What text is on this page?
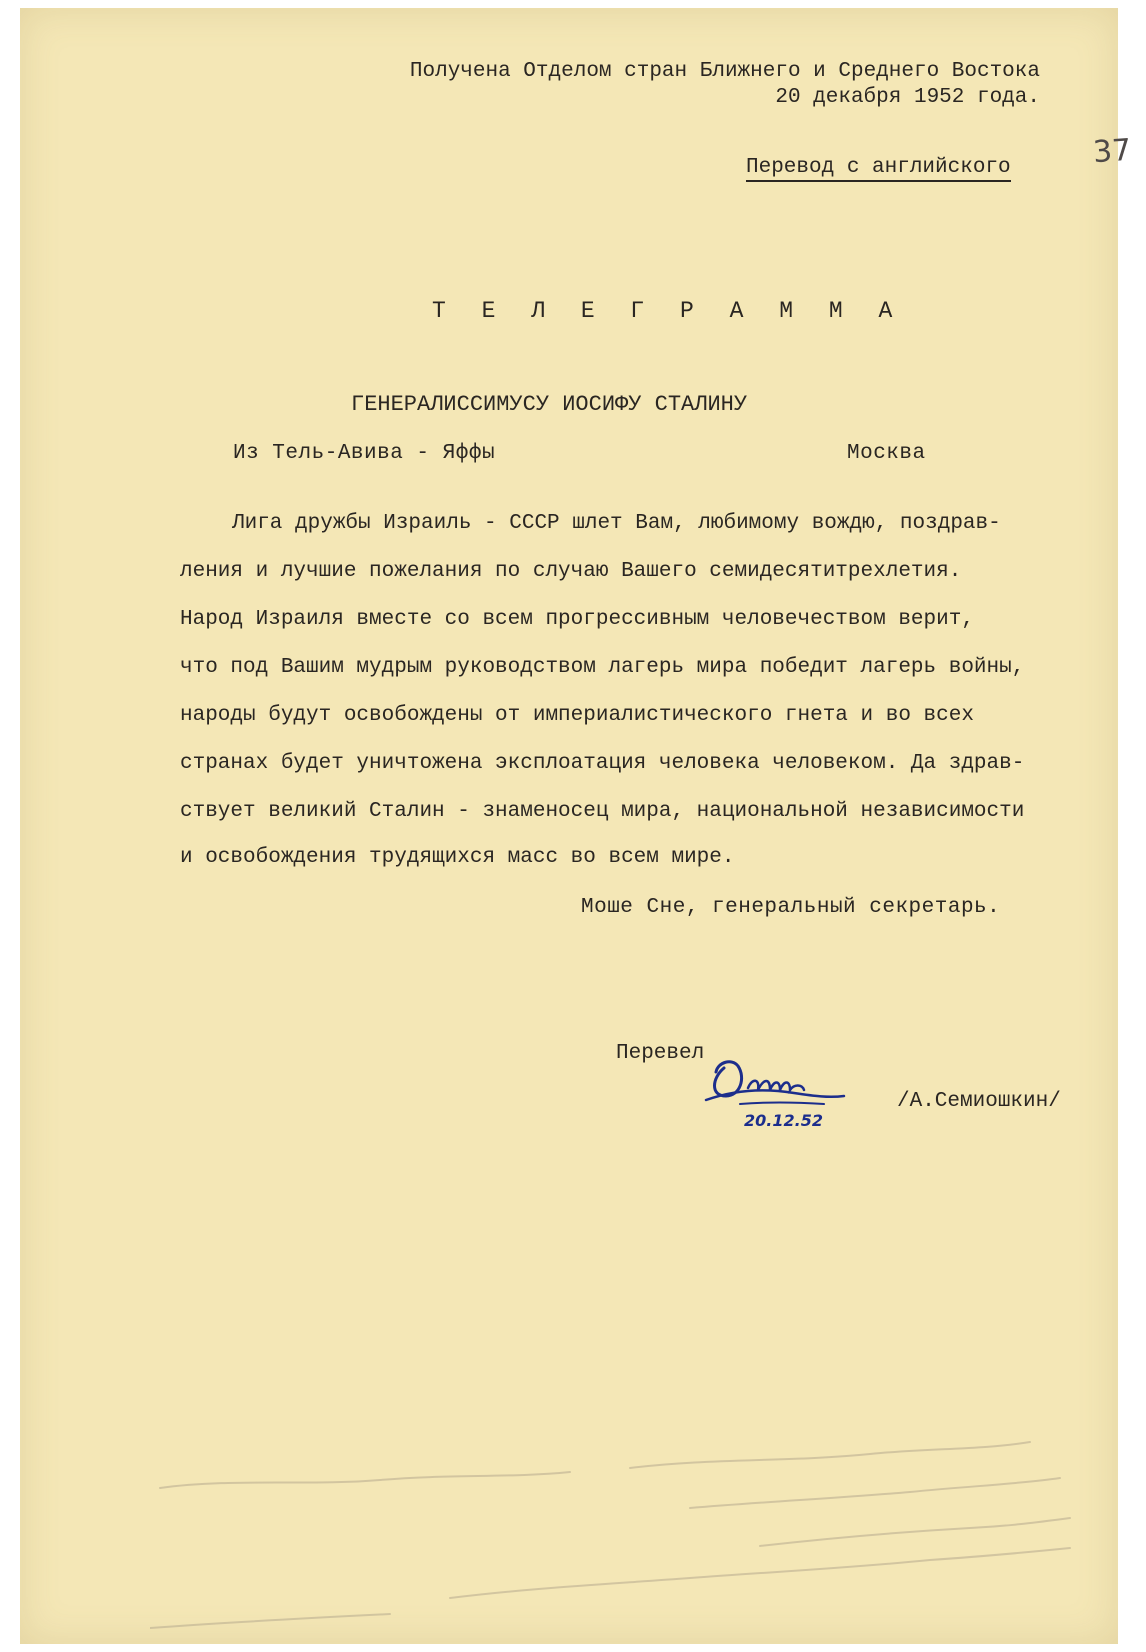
Получена Отделом стран Ближнего и Среднего Востока
20 декабря 1952 года.
37
Перевод с английского
Т Е Л Е Г Р А М М А
ГЕНЕРАЛИССИМУСУ ИОСИФУ СТАЛИНУ
Из Тель-Авива - Яффы	Москва
Лига дружбы Израиль - СССР шлет Вам, любимому вождю, поздрав-
ления и лучшие пожелания по случаю Вашего семидесятитрехлетия.
Народ Израиля вместе со всем прогрессивным человечеством верит,
что под Вашим мудрым руководством лагерь мира победит лагерь войны,
народы будут освобождены от империалистического гнета и во всех
странах будет уничтожена эксплоатация человека человеком. Да здрав-
ствует великий Сталин - знаменосец мира, национальной независимости
и освобождения трудящихся масс во всем мире.
Моше Сне, генеральный секретарь.
Перевел
20.12.52
/А.Семиошкин/
